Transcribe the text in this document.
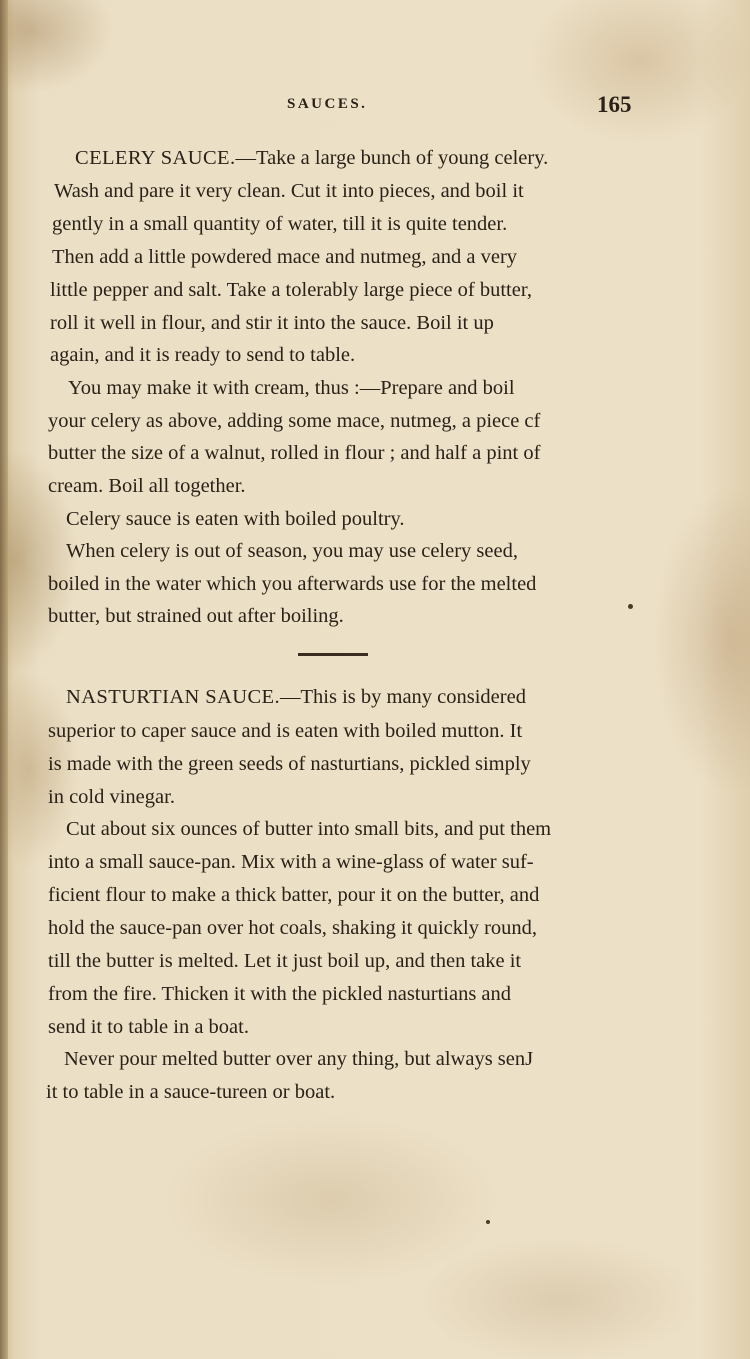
SAUCES.	165
CELERY SAUCE.—Take a large bunch of young celery.
Wash and pare it very clean. Cut it into pieces, and boil it
gently in a small quantity of water, till it is quite tender.
Then add a little powdered mace and nutmeg, and a very
little pepper and salt. Take a tolerably large piece of butter,
roll it well in flour, and stir it into the sauce. Boil it up
again, and it is ready to send to table.
You may make it with cream, thus :—Prepare and boil
your celery as above, adding some mace, nutmeg, a piece cf
butter the size of a walnut, rolled in flour ; and half a pint of
cream. Boil all together.
Celery sauce is eaten with boiled poultry.
When celery is out of season, you may use celery seed,
boiled in the water which you afterwards use for the melted
butter, but strained out after boiling.
NASTURTIAN SAUCE.—This is by many considered
superior to caper sauce and is eaten with boiled mutton. It
is made with the green seeds of nasturtians, pickled simply
in cold vinegar.
Cut about six ounces of butter into small bits, and put them
into a small sauce-pan. Mix with a wine-glass of water suf-
ficient flour to make a thick batter, pour it on the butter, and
hold the sauce-pan over hot coals, shaking it quickly round,
till the butter is melted. Let it just boil up, and then take it
from the fire. Thicken it with the pickled nasturtians and
send it to table in a boat.
Never pour melted butter over any thing, but always senJ
it to table in a sauce-tureen or boat.
